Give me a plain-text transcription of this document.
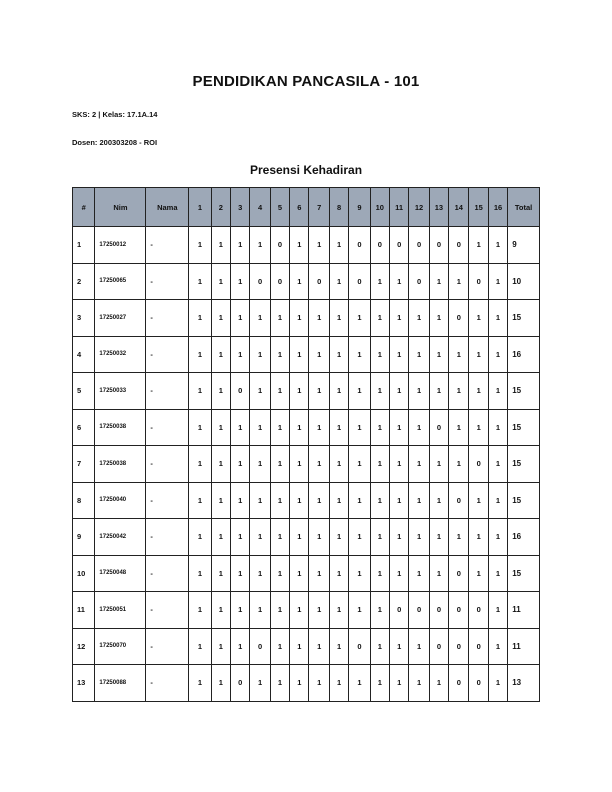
PENDIDIKAN PANCASILA - 101
SKS: 2 | Kelas: 17.1A.14
Dosen: 200303208 - ROI
Presensi Kehadiran
#	Nim	Nama	1	2	3	4	5	6	7	8	9	10	11	12	13	14	15	16	Total
1	17250012	-	1	1	1	1	0	1	1	1	0	0	0	0	0	0	1	1	9
2	17250065	-	1	1	1	0	0	1	0	1	0	1	1	0	1	1	0	1	10
3	17250027	-	1	1	1	1	1	1	1	1	1	1	1	1	1	0	1	1	15
4	17250032	-	1	1	1	1	1	1	1	1	1	1	1	1	1	1	1	1	16
5	17250033	-	1	1	0	1	1	1	1	1	1	1	1	1	1	1	1	1	15
6	17250038	-	1	1	1	1	1	1	1	1	1	1	1	1	0	1	1	1	15
7	17250038	-	1	1	1	1	1	1	1	1	1	1	1	1	1	1	0	1	15
8	17250040	-	1	1	1	1	1	1	1	1	1	1	1	1	1	0	1	1	15
9	17250042	-	1	1	1	1	1	1	1	1	1	1	1	1	1	1	1	1	16
10	17250048	-	1	1	1	1	1	1	1	1	1	1	1	1	1	0	1	1	15
11	17250051	-	1	1	1	1	1	1	1	1	1	1	0	0	0	0	0	1	11
12	17250070	-	1	1	1	0	1	1	1	1	0	1	1	1	0	0	0	1	11
13	17250088	-	1	1	0	1	1	1	1	1	1	1	1	1	1	0	0	1	13
